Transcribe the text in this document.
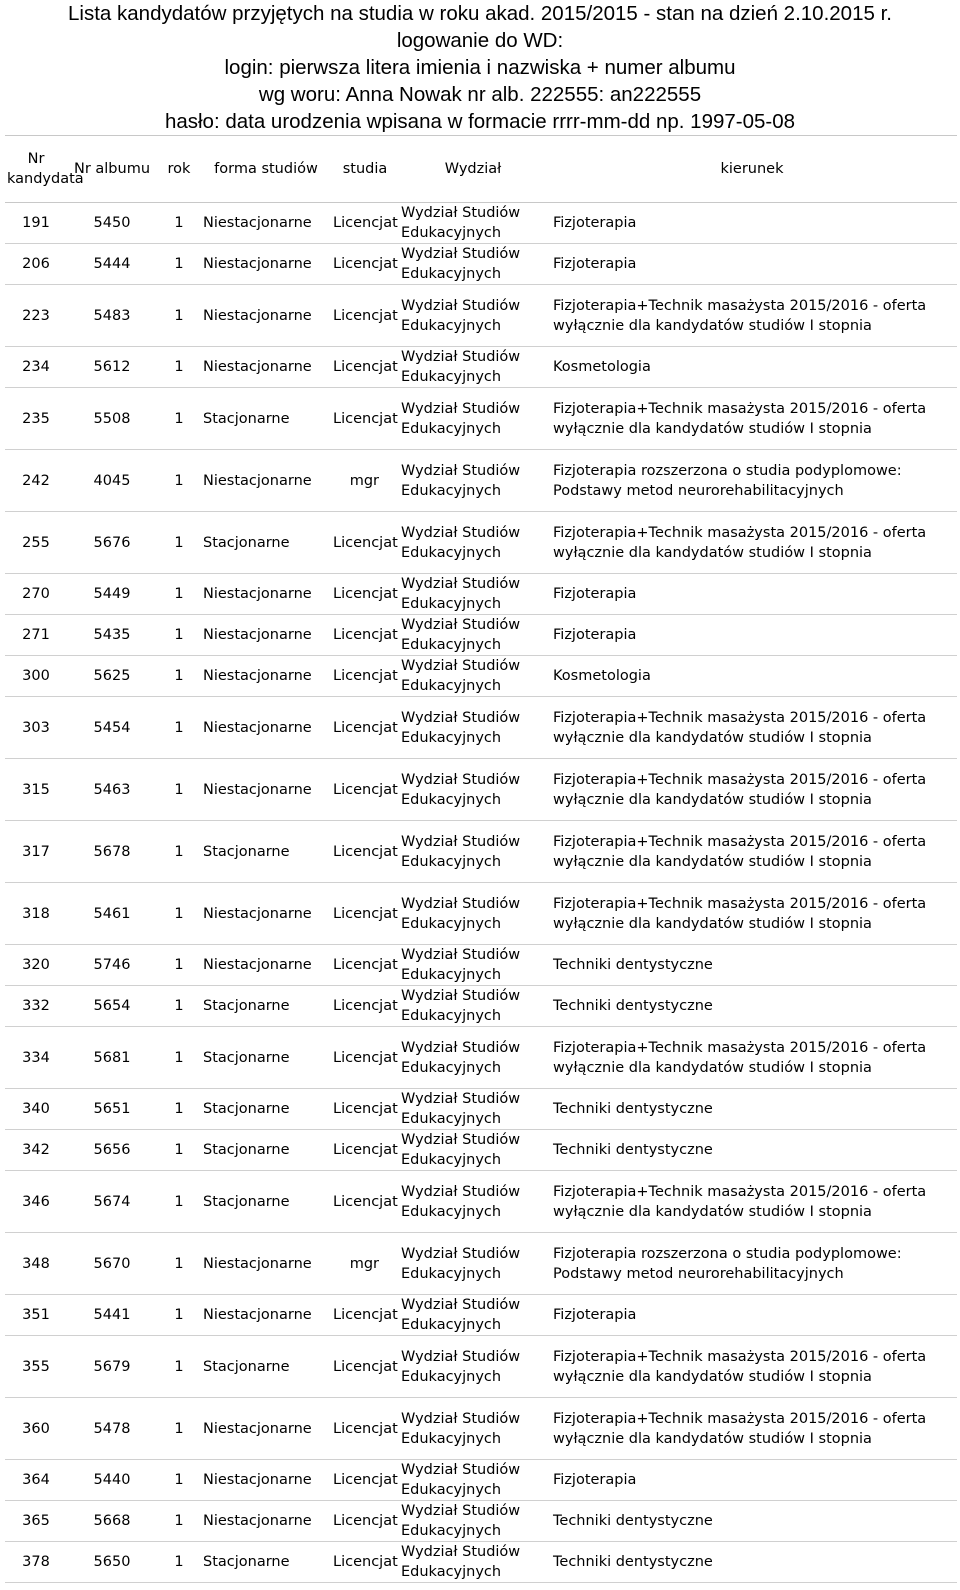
Lista kandydatów przyjętych na studia w roku akad. 2015/2015 - stan na dzień 2.10.2015 r.
logowanie do WD:
login: pierwsza litera imienia i nazwiska + numer albumu
wg woru: Anna Nowak nr alb. 222555: an222555
hasło: data urodzenia wpisana w formacie rrrr-mm-dd np. 1997-05-08
Nr kandydata	Nr albumu	rok	forma studiów	studia	Wydział	kierunek
191	5450	1	Niestacjonarne	Licencjat	Wydział Studiów Edukacyjnych	Fizjoterapia
206	5444	1	Niestacjonarne	Licencjat	Wydział Studiów Edukacyjnych	Fizjoterapia
223	5483	1	Niestacjonarne	Licencjat	Wydział Studiów Edukacyjnych	Fizjoterapia+Technik masażysta 2015/2016 - oferta wyłącznie dla kandydatów studiów I stopnia
234	5612	1	Niestacjonarne	Licencjat	Wydział Studiów Edukacyjnych	Kosmetologia
235	5508	1	Stacjonarne	Licencjat	Wydział Studiów Edukacyjnych	Fizjoterapia+Technik masażysta 2015/2016 - oferta wyłącznie dla kandydatów studiów I stopnia
242	4045	1	Niestacjonarne	mgr	Wydział Studiów Edukacyjnych	Fizjoterapia rozszerzona o studia podyplomowe: Podstawy metod neurorehabilitacyjnych
255	5676	1	Stacjonarne	Licencjat	Wydział Studiów Edukacyjnych	Fizjoterapia+Technik masażysta 2015/2016 - oferta wyłącznie dla kandydatów studiów I stopnia
270	5449	1	Niestacjonarne	Licencjat	Wydział Studiów Edukacyjnych	Fizjoterapia
271	5435	1	Niestacjonarne	Licencjat	Wydział Studiów Edukacyjnych	Fizjoterapia
300	5625	1	Niestacjonarne	Licencjat	Wydział Studiów Edukacyjnych	Kosmetologia
303	5454	1	Niestacjonarne	Licencjat	Wydział Studiów Edukacyjnych	Fizjoterapia+Technik masażysta 2015/2016 - oferta wyłącznie dla kandydatów studiów I stopnia
315	5463	1	Niestacjonarne	Licencjat	Wydział Studiów Edukacyjnych	Fizjoterapia+Technik masażysta 2015/2016 - oferta wyłącznie dla kandydatów studiów I stopnia
317	5678	1	Stacjonarne	Licencjat	Wydział Studiów Edukacyjnych	Fizjoterapia+Technik masażysta 2015/2016 - oferta wyłącznie dla kandydatów studiów I stopnia
318	5461	1	Niestacjonarne	Licencjat	Wydział Studiów Edukacyjnych	Fizjoterapia+Technik masażysta 2015/2016 - oferta wyłącznie dla kandydatów studiów I stopnia
320	5746	1	Niestacjonarne	Licencjat	Wydział Studiów Edukacyjnych	Techniki dentystyczne
332	5654	1	Stacjonarne	Licencjat	Wydział Studiów Edukacyjnych	Techniki dentystyczne
334	5681	1	Stacjonarne	Licencjat	Wydział Studiów Edukacyjnych	Fizjoterapia+Technik masażysta 2015/2016 - oferta wyłącznie dla kandydatów studiów I stopnia
340	5651	1	Stacjonarne	Licencjat	Wydział Studiów Edukacyjnych	Techniki dentystyczne
342	5656	1	Stacjonarne	Licencjat	Wydział Studiów Edukacyjnych	Techniki dentystyczne
346	5674	1	Stacjonarne	Licencjat	Wydział Studiów Edukacyjnych	Fizjoterapia+Technik masażysta 2015/2016 - oferta wyłącznie dla kandydatów studiów I stopnia
348	5670	1	Niestacjonarne	mgr	Wydział Studiów Edukacyjnych	Fizjoterapia rozszerzona o studia podyplomowe: Podstawy metod neurorehabilitacyjnych
351	5441	1	Niestacjonarne	Licencjat	Wydział Studiów Edukacyjnych	Fizjoterapia
355	5679	1	Stacjonarne	Licencjat	Wydział Studiów Edukacyjnych	Fizjoterapia+Technik masażysta 2015/2016 - oferta wyłącznie dla kandydatów studiów I stopnia
360	5478	1	Niestacjonarne	Licencjat	Wydział Studiów Edukacyjnych	Fizjoterapia+Technik masażysta 2015/2016 - oferta wyłącznie dla kandydatów studiów I stopnia
364	5440	1	Niestacjonarne	Licencjat	Wydział Studiów Edukacyjnych	Fizjoterapia
365	5668	1	Niestacjonarne	Licencjat	Wydział Studiów Edukacyjnych	Techniki dentystyczne
378	5650	1	Stacjonarne	Licencjat	Wydział Studiów Edukacyjnych	Techniki dentystyczne
